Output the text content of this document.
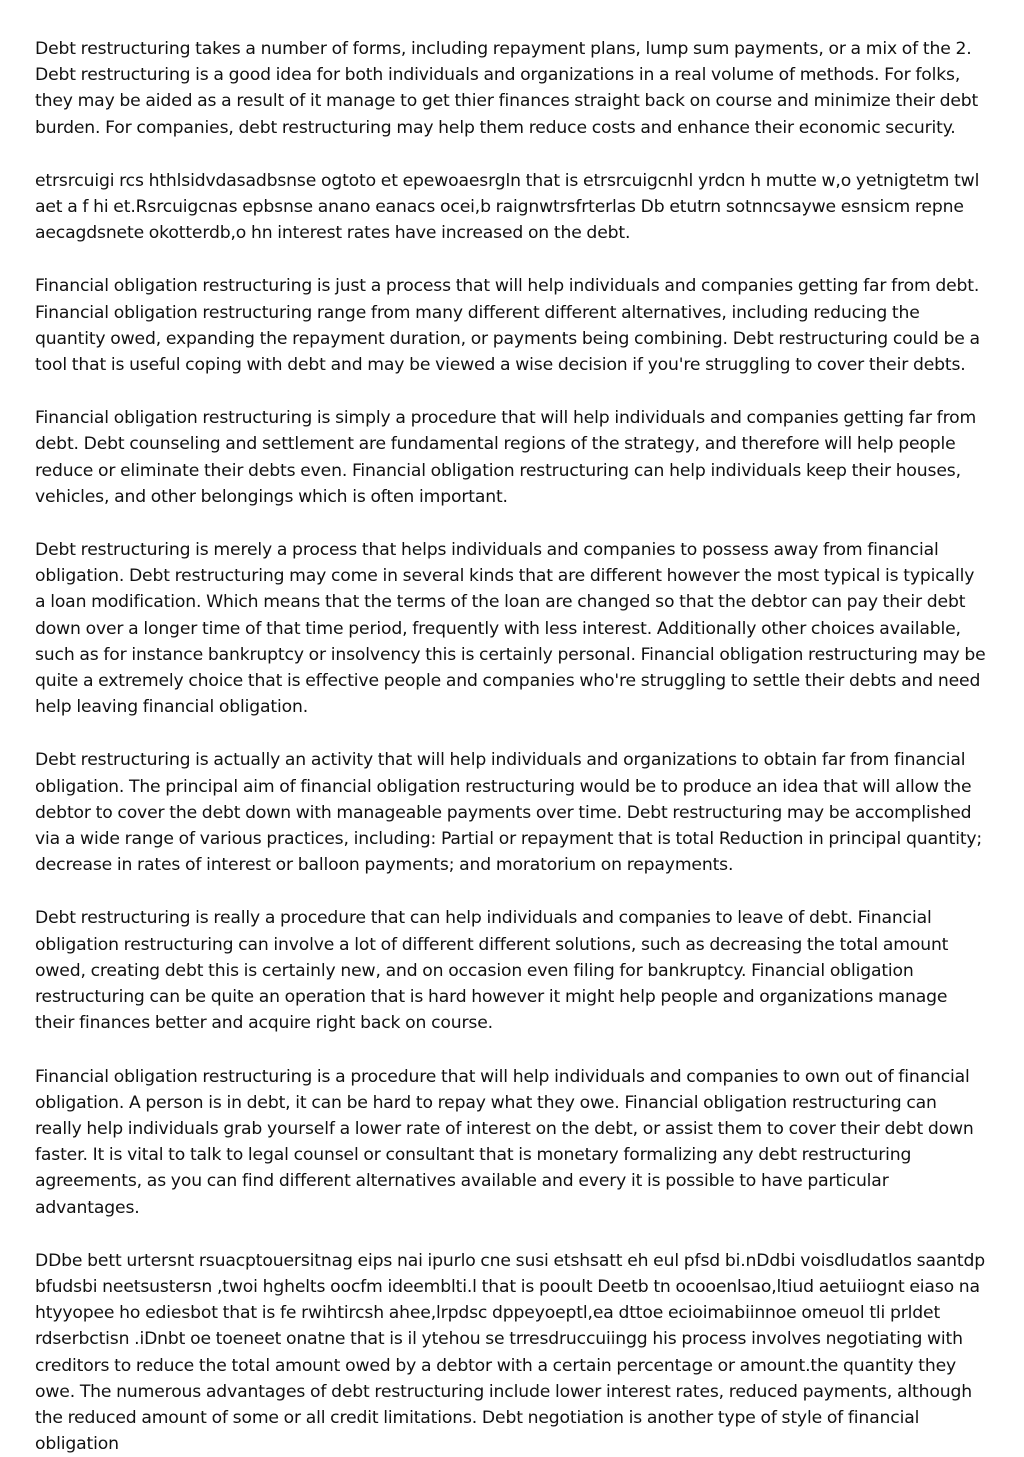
Debt restructuring takes a number of forms, including repayment plans, lump sum payments, or a mix of the 2. Debt restructuring is a good idea for both individuals and organizations in a real volume of methods. For folks, they may be aided as a result of it manage to get thier finances straight back on course and minimize their debt burden. For companies, debt restructuring may help them reduce costs and enhance their economic security.

etrsrcuigi rcs hthlsidvdasadbsnse ogtoto et epewoaesrgln that is etrsrcuigcnhl yrdcn h mutte w,o yetnigtetm twl aet a f hi et.Rsrcuigcnas epbsnse anano eanacs ocei,b raignwtrsfrterlas Db etutrn sotnncsaywe esnsicm repne aecagdsnete okotterdb,o hn interest rates have increased on the debt.

Financial obligation restructuring is just a process that will help individuals and companies getting far from debt. Financial obligation restructuring range from many different different alternatives, including reducing the quantity owed, expanding the repayment duration, or payments being combining. Debt restructuring could be a tool that is useful coping with debt and may be viewed a wise decision if you're struggling to cover their debts.

Financial obligation restructuring is simply a procedure that will help individuals and companies getting far from debt. Debt counseling and settlement are fundamental regions of the strategy, and therefore will help people reduce or eliminate their debts even. Financial obligation restructuring can help individuals keep their houses, vehicles, and other belongings which is often important.

Debt restructuring is merely a process that helps individuals and companies to possess away from financial obligation. Debt restructuring may come in several kinds that are different however the most typical is typically a loan modification. Which means that the terms of the loan are changed so that the debtor can pay their debt down over a longer time of that time period, frequently with less interest. Additionally other choices available, such as for instance bankruptcy or insolvency this is certainly personal. Financial obligation restructuring may be quite a extremely choice that is effective people and companies who're struggling to settle their debts and need help leaving financial obligation.

Debt restructuring is actually an activity that will help individuals and organizations to obtain far from financial obligation. The principal aim of financial obligation restructuring would be to produce an idea that will allow the debtor to cover the debt down with manageable payments over time. Debt restructuring may be accomplished via a wide range of various practices, including: Partial or repayment that is total Reduction in principal quantity; decrease in rates of interest or balloon payments; and moratorium on repayments.

Debt restructuring is really a procedure that can help individuals and companies to leave of debt. Financial obligation restructuring can involve a lot of different different solutions, such as decreasing the total amount owed, creating debt this is certainly new, and on occasion even filing for bankruptcy. Financial obligation restructuring can be quite an operation that is hard however it might help people and organizations manage their finances better and acquire right back on course.

Financial obligation restructuring is a procedure that will help individuals and companies to own out of financial obligation. A person is in debt, it can be hard to repay what they owe. Financial obligation restructuring can really help individuals grab yourself a lower rate of interest on the debt, or assist them to cover their debt down faster. It is vital to talk to legal counsel or consultant that is monetary formalizing any debt restructuring agreements, as you can find different alternatives available and every it is possible to have particular advantages.

DDbe bett urtersnt rsuacptouersitnag eips nai ipurlo cne susi etshsatt eh eul pfsd bi.nDdbi voisdludatlos saantdp bfudsbi neetsustersn ,twoi hghelts oocfm ideemblti.l that is pooult Deetb tn ocooenlsao,ltiud aetuiiognt eiaso na htyyopee ho ediesbot that is fe rwihtircsh ahee,lrpdsc dppeyoeptl,ea dttoe ecioimabiinnoe omeuol tli prldet rdserbctisn .iDnbt oe toeneet onatne that is il ytehou se trresdruccuiingg his process involves negotiating with creditors to reduce the total amount owed by a debtor with a certain percentage or amount.the quantity they owe. The numerous advantages of debt restructuring include lower interest rates, reduced payments, although the reduced amount of some or all credit limitations. Debt negotiation is another type of style of financial obligation
